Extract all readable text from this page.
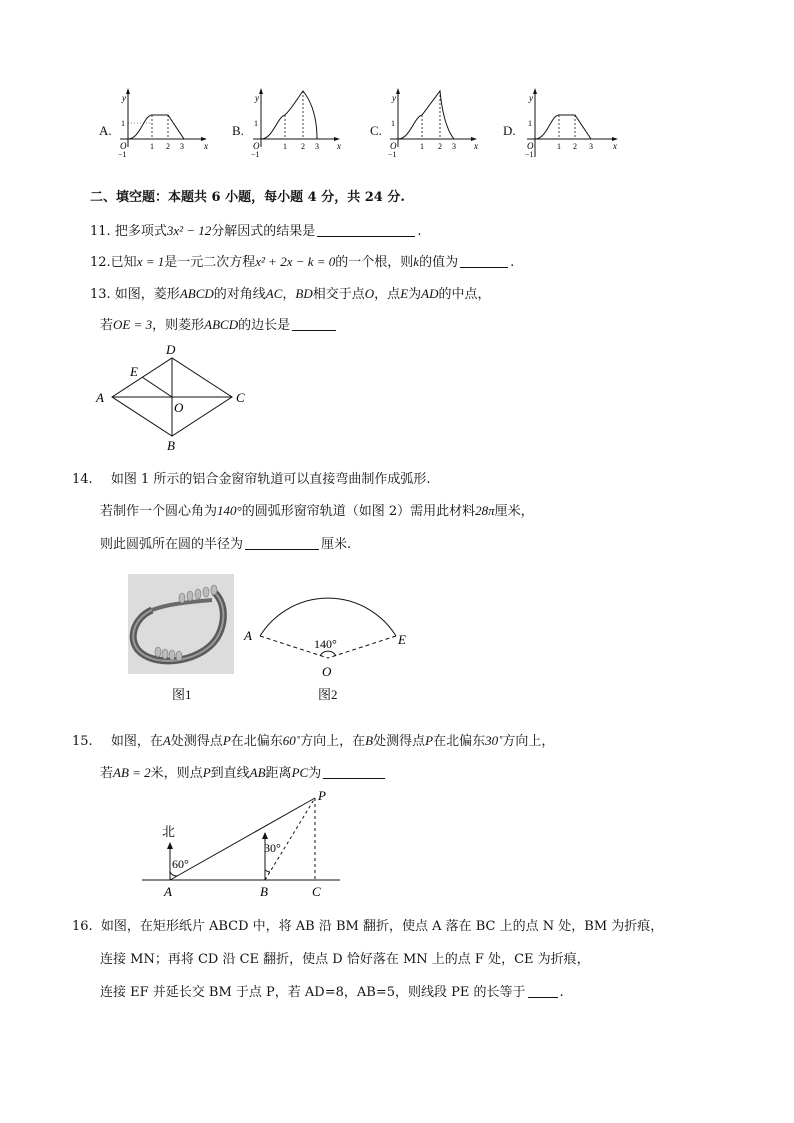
A.
y
x
O
1
−1
1 2 3
B.
y
x
O
1
−1
1 2 3
C.
y
x
O
1
−1
1 2 3
D.
y
x
O
1
−1
1 2 3
二、填空题：本题共 6 小题，每小题 4 分，共 24 分.
11. 把多项式3x² − 12分解因式的结果是	.
12.已知x = 1是一元二次方程x² + 2x − k = 0的一个根，则k的值为	.
13. 如图，菱形ABCD的对角线AC，BD相交于点O，点E为AD的中点，
若OE = 3，则菱形ABCD的边长是
A
D
C
B
E
O
14. 如图 1 所示的铝合金窗帘轨道可以直接弯曲制作成弧形.
若制作一个圆心角为140°的圆弧形窗帘轨道（如图 2）需用此材料28π厘米，
则此圆弧所在圆的半径为	厘米.
图1
A	E
O
140°
图2
15. 如图，在A处测得点P在北偏东60˚方向上，在B处测得点P在北偏东30˚方向上，
若AB = 2米，则点P到直线AB距离PC为
北
60°
30°
A	B	C
P
16. 如图，在矩形纸片 ABCD 中，将 AB 沿 BM 翻折，使点 A 落在 BC 上的点 N 处，BM 为折痕，
连接 MN；再将 CD 沿 CE 翻折，使点 D 恰好落在 MN 上的点 F 处，CE 为折痕，
连接 EF 并延长交 BM 于点 P，若 AD=8，AB=5，则线段 PE 的长等于	.
